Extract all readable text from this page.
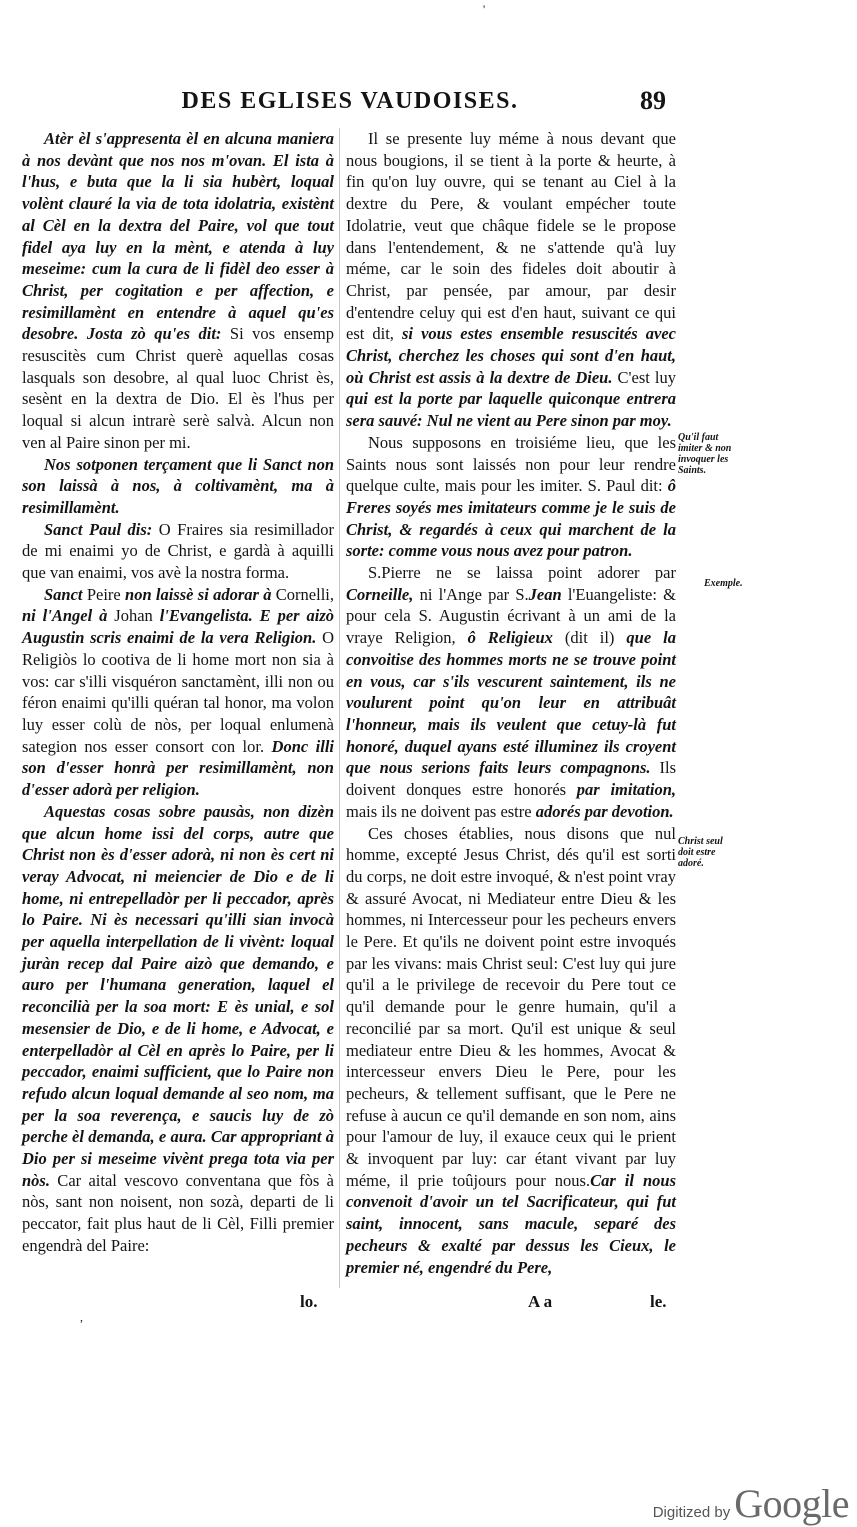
'
DES EGLISES VAUDOISES.	89

Atèr èl s'appresenta èl en alcuna maniera à nos devànt que nos nos m'ovan. El ista à l'hus, e buta que la li sia hubèrt, loqual volènt clauré la via de tota idolatria, existènt al Cèl en la dextra del Paire, vol que tout fidel aya luy en la mènt, e atenda à luy meseime: cum la cura de li fidèl deo esser à Christ, per cogitation e per affection, e resimillamènt en entendre à aquel qu'es desobre. Josta zò qu'es dit: Si vos ensemp resuscitès cum Christ querè aquellas cosas lasquals son desobre, al qual luoc Christ ès, sesènt en la dextra de Dio. El ès l'hus per loqual si alcun intrarè serè salvà. Alcun non ven al Paire sinon per mi.

Nos sotponen terçament que li Sanct non son laissà à nos, à coltivamènt, ma à resimillamènt.

Sanct Paul dis: O Fraires sia resimillador de mi enaimi yo de Christ, e gardà à aquilli que van enaimi, vos avè la nostra forma.

Sanct Peire non laissè si adorar à Cornelli, ni l'Angel à Johan l'Evangelista. E per aizò Augustin scris enaimi de la vera Religion. O Religiòs lo cootiva de li home mort non sia à vos: car s'illi visquéron sanctamènt, illi non ou féron enaimi qu'illi quéran tal honor, ma volon luy esser colù de nòs, per loqual enlumenà sategion nos esser consort con lor. Donc illi son d'esser honrà per resimillamènt, non d'esser adorà per religion.

Aquestas cosas sobre pausàs, non dizèn que alcun home issi del corps, autre que Christ non ès d'esser adorà, ni non ès cert ni veray Advocat, ni meiencier de Dio e de li home, ni entrepelladòr per li peccador, après lo Paire. Ni ès necessari qu'illi sian invocà per aquella interpellation de li vivènt: loqual juràn recep dal Paire aizò que demando, e auro per l'humana generation, laquel el reconcilià per la soa mort: E ès unial, e sol mesensier de Dio, e de li home, e Advocat, e enterpelladòr al Cèl en après lo Paire, per li peccador, enaimi sufficient, que lo Paire non refudo alcun loqual demande al seo nom, ma per la soa reverença, e saucis luy de zò perche èl demanda, e aura. Car appropriant à Dio per si meseime vivènt prega tota via per nòs. Car aital vescovo conventana que fòs à nòs, sant non noisent, non sozà, departi de li peccator, fait plus haut de li Cèl, Filli premier engendrà del Paire:

Il se presente luy méme à nous devant que nous bougions, il se tient à la porte & heurte, à fin qu'on luy ouvre, qui se tenant au Ciel à la dextre du Pere, & voulant empécher toute Idolatrie, veut que châque fidele se le propose dans l'entendement, & ne s'attende qu'à luy méme, car le soin des fideles doit aboutir à Christ, par pensée, par amour, par desir d'entendre celuy qui est d'en haut, suivant ce qui est dit, si vous estes ensemble resuscités avec Christ, cherchez les choses qui sont d'en haut, où Christ est assis à la dextre de Dieu. C'est luy qui est la porte par laquelle quiconque entrera sera sauvé: Nul ne vient au Pere sinon par moy.

Nous supposons en troisiéme lieu, que les Saints nous sont laissés non pour leur rendre quelque culte, mais pour les imiter. S. Paul dit: ô Freres soyés mes imitateurs comme je le suis de Christ, & regardés à ceux qui marchent de la sorte: comme vous nous avez pour patron.

S.Pierre ne se laissa point adorer par Corneille, ni l'Ange par S.Jean l'Euangeliste: & pour cela S. Augustin écrivant à un ami de la vraye Religion, ô Religieux (dit il) que la convoitise des hommes morts ne se trouve point en vous, car s'ils vescurent saintement, ils ne voulurent point qu'on leur en attribuât l'honneur, mais ils veulent que cetuy-là fut honoré, duquel ayans esté illuminez ils croyent que nous serions faits leurs compagnons. Ils doivent donques estre honorés par imitation, mais ils ne doivent pas estre adorés par devotion.

Ces choses établies, nous disons que nul homme, excepté Jesus Christ, dés qu'il est sorti du corps, ne doit estre invoqué, & n'est point vray & assuré Avocat, ni Mediateur entre Dieu & les hommes, ni Intercesseur pour les pecheurs envers le Pere. Et qu'ils ne doivent point estre invoqués par les vivans: mais Christ seul: C'est luy qui jure qu'il a le privilege de recevoir du Pere tout ce qu'il demande pour le genre humain, qu'il a reconcilié par sa mort. Qu'il est unique & seul mediateur entre Dieu & les hommes, Avocat & intercesseur envers Dieu le Pere, pour les pecheurs, & tellement suffisant, que le Pere ne refuse à aucun ce qu'il demande en son nom, ains pour l'amour de luy, il exauce ceux qui le prient & invoquent par luy: car étant vivant par luy méme, il prie toûjours pour nous.Car il nous convenoit d'avoir un tel Sacrificateur, qui fut saint, innocent, sans macule, separé des pecheurs & exalté par dessus les Cieux, le premier né, engendré du Pere,

Qu'il faut imiter & non invoquer les Saints.
Exemple.
Christ seul doit estre adoré.
lo.	A a	le.
,
Digitized by Google
